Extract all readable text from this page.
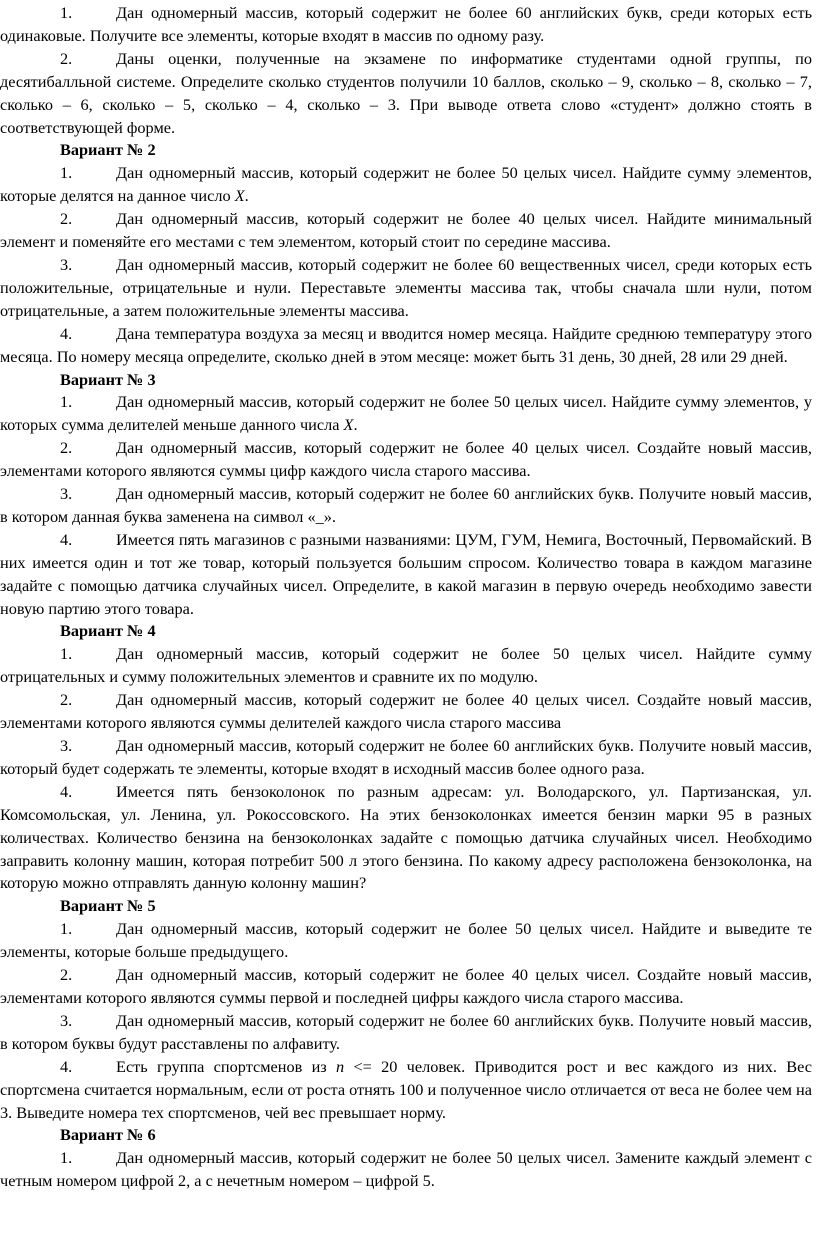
1.	Дан одномерный массив, который содержит не более 60 английских букв, среди которых есть одинаковые. Получите все элементы, которые входят в массив по одному разу.

2.	Даны оценки, полученные на экзамене по информатике студентами одной группы, по десятибалльной системе. Определите сколько студентов получили 10 баллов, сколько – 9, сколько – 8, сколько – 7, сколько – 6, сколько – 5, сколько – 4, сколько – 3. При выводе ответа слово «студент» должно стоять в соответствующей форме.

Вариант № 2

1.	Дан одномерный массив, который содержит не более 50 целых чисел. Найдите сумму элементов, которые делятся на данное число X.

2.	Дан одномерный массив, который содержит не более 40 целых чисел. Найдите минимальный элемент и поменяйте его местами с тем элементом, который стоит по середине массива.

3.	Дан одномерный массив, который содержит не более 60 вещественных чисел, среди которых есть положительные, отрицательные и нули. Переставьте элементы массива так, чтобы сначала шли нули, потом отрицательные, а затем положительные элементы массива.

4.	Дана температура воздуха за месяц и вводится номер месяца. Найдите среднюю температуру этого месяца. По номеру месяца определите, сколько дней в этом месяце: может быть 31 день, 30 дней, 28 или 29 дней.

Вариант № 3

1.	Дан одномерный массив, который содержит не более 50 целых чисел. Найдите сумму элементов, у которых сумма делителей меньше данного числа X.

2.	Дан одномерный массив, который содержит не более 40 целых чисел. Создайте новый массив, элементами которого являются суммы цифр каждого числа старого массива.

3.	Дан одномерный массив, который содержит не более 60 английских букв. Получите новый массив, в котором данная буква заменена на символ «_».

4.	Имеется пять магазинов с разными названиями: ЦУМ, ГУМ, Немига, Восточный, Первомайский. В них имеется один и тот же товар, который пользуется большим спросом. Количество товара в каждом магазине задайте с помощью датчика случайных чисел. Определите, в какой магазин в первую очередь необходимо завести новую партию этого товара.

Вариант № 4

1.	Дан одномерный массив, который содержит не более 50 целых чисел. Найдите сумму отрицательных и сумму положительных элементов и сравните их по модулю.

2.	Дан одномерный массив, который содержит не более 40 целых чисел. Создайте новый массив, элементами которого являются суммы делителей каждого числа старого массива

3.	Дан одномерный массив, который содержит не более 60 английских букв. Получите новый массив, который будет содержать те элементы, которые входят в исходный массив более одного раза.

4.	Имеется пять бензоколонок по разным адресам: ул. Володарского, ул. Партизанская, ул. Комсомольская, ул. Ленина, ул. Рокоссовского. На этих бензоколонках имеется бензин марки 95 в разных количествах. Количество бензина на бензоколонках задайте с помощью датчика случайных чисел. Необходимо заправить колонну машин, которая потребит 500 л этого бензина. По какому адресу расположена бензоколонка, на которую можно отправлять данную колонну машин?

Вариант № 5

1.	Дан одномерный массив, который содержит не более 50 целых чисел. Найдите и выведите те элементы, которые больше предыдущего.

2.	Дан одномерный массив, который содержит не более 40 целых чисел. Создайте новый массив, элементами которого являются суммы первой и последней цифры каждого числа старого массива.

3.	Дан одномерный массив, который содержит не более 60 английских букв. Получите новый массив, в котором буквы будут расставлены по алфавиту.

4.	Есть группа спортсменов из n <= 20 человек. Приводится рост и вес каждого из них. Вес спортсмена считается нормальным, если от роста отнять 100 и полученное число отличается от веса не более чем на 3. Выведите номера тех спортсменов, чей вес превышает норму.

Вариант № 6

1.	Дан одномерный массив, который содержит не более 50 целых чисел. Замените каждый элемент с четным номером цифрой 2, а с нечетным номером – цифрой 5.
